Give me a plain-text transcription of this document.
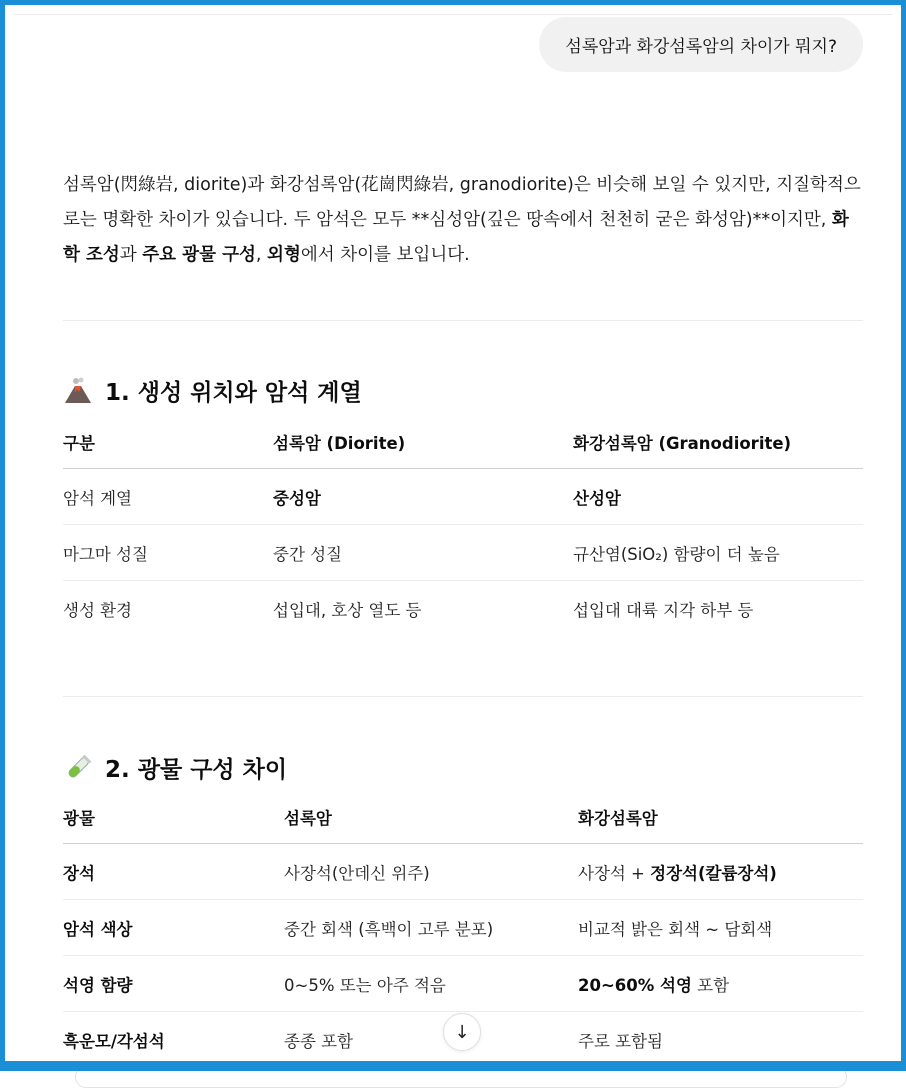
섬록암과 화강섬록암의 차이가 뭐지?
섬록암(閃綠岩, diorite)과 화강섬록암(花崗閃綠岩, granodiorite)은 비슷해 보일 수 있지만, 지질학적으로는 명확한 차이가 있습니다. 두 암석은 모두 **심성암(깊은 땅속에서 천천히 굳은 화성암)**이지만, 화학 조성과 주요 광물 구성, 외형에서 차이를 보입니다.
1. 생성 위치와 암석 계열
구분	섬록암 (Diorite)	화강섬록암 (Granodiorite)
암석 계열	중성암	산성암
마그마 성질	중간 성질	규산염(SiO₂) 함량이 더 높음
생성 환경	섭입대, 호상 열도 등	섭입대 대륙 지각 하부 등
2. 광물 구성 차이
광물	섬록암	화강섬록암
장석	사장석(안데신 위주)	사장석 + 정장석(칼륨장석)
암석 색상	중간 회색 (흑백이 고루 분포)	비교적 밝은 회색 ~ 담회색
석영 함량	0~5% 또는 아주 적음	20~60% 석영 포함
흑운모/각섬석	종종 포함	주로 포함됨
↓
